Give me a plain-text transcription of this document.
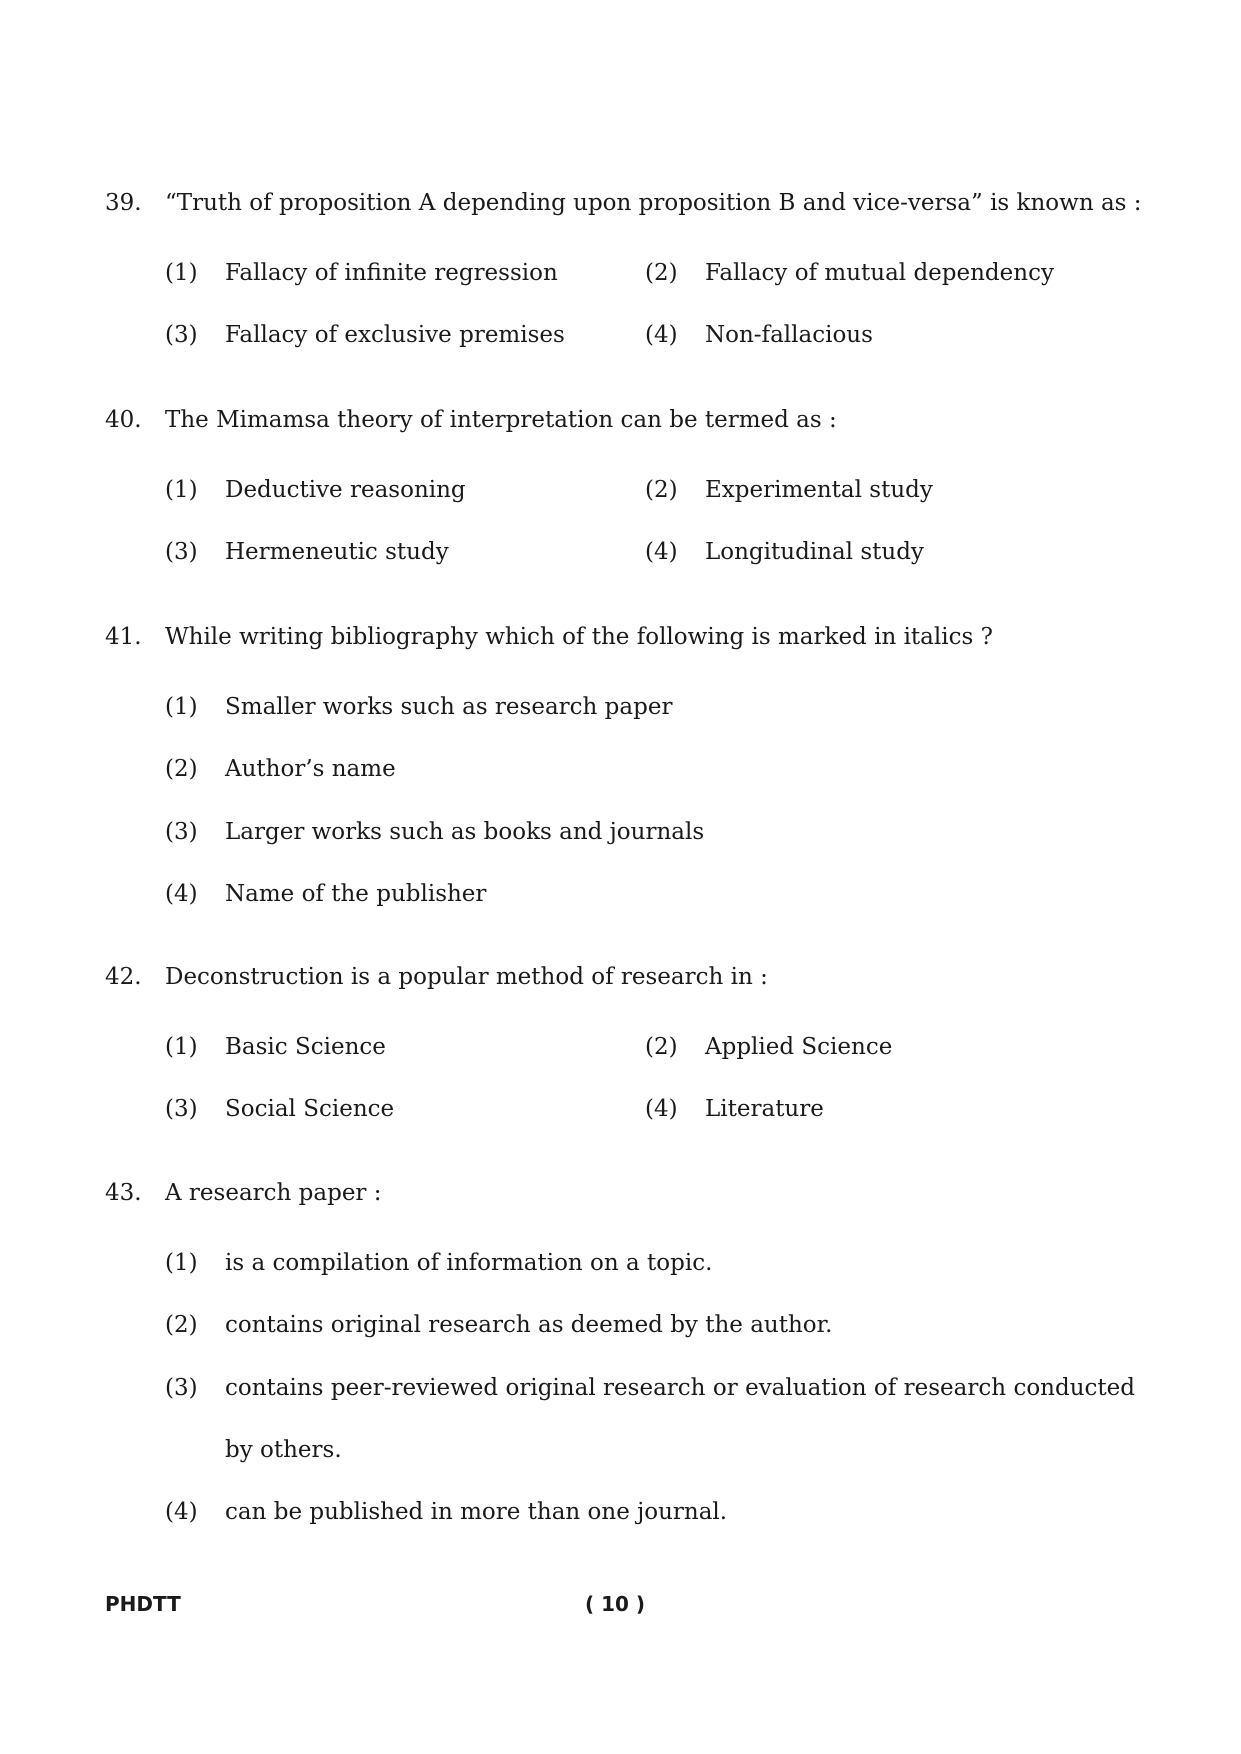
39. “Truth of proposition A depending upon proposition B and vice-versa” is known as :
(1) Fallacy of infinite regression	(2) Fallacy of mutual dependency
(3) Fallacy of exclusive premises	(4) Non-fallacious
40. The Mimamsa theory of interpretation can be termed as :
(1) Deductive reasoning	(2) Experimental study
(3) Hermeneutic study	(4) Longitudinal study
41. While writing bibliography which of the following is marked in italics ?
(1) Smaller works such as research paper
(2) Author’s name
(3) Larger works such as books and journals
(4) Name of the publisher
42. Deconstruction is a popular method of research in :
(1) Basic Science	(2) Applied Science
(3) Social Science	(4) Literature
43. A research paper :
(1) is a compilation of information on a topic.
(2) contains original research as deemed by the author.
(3) contains peer-reviewed original research or evaluation of research conducted by others.
(4) can be published in more than one journal.
PHDTT	( 10 )
